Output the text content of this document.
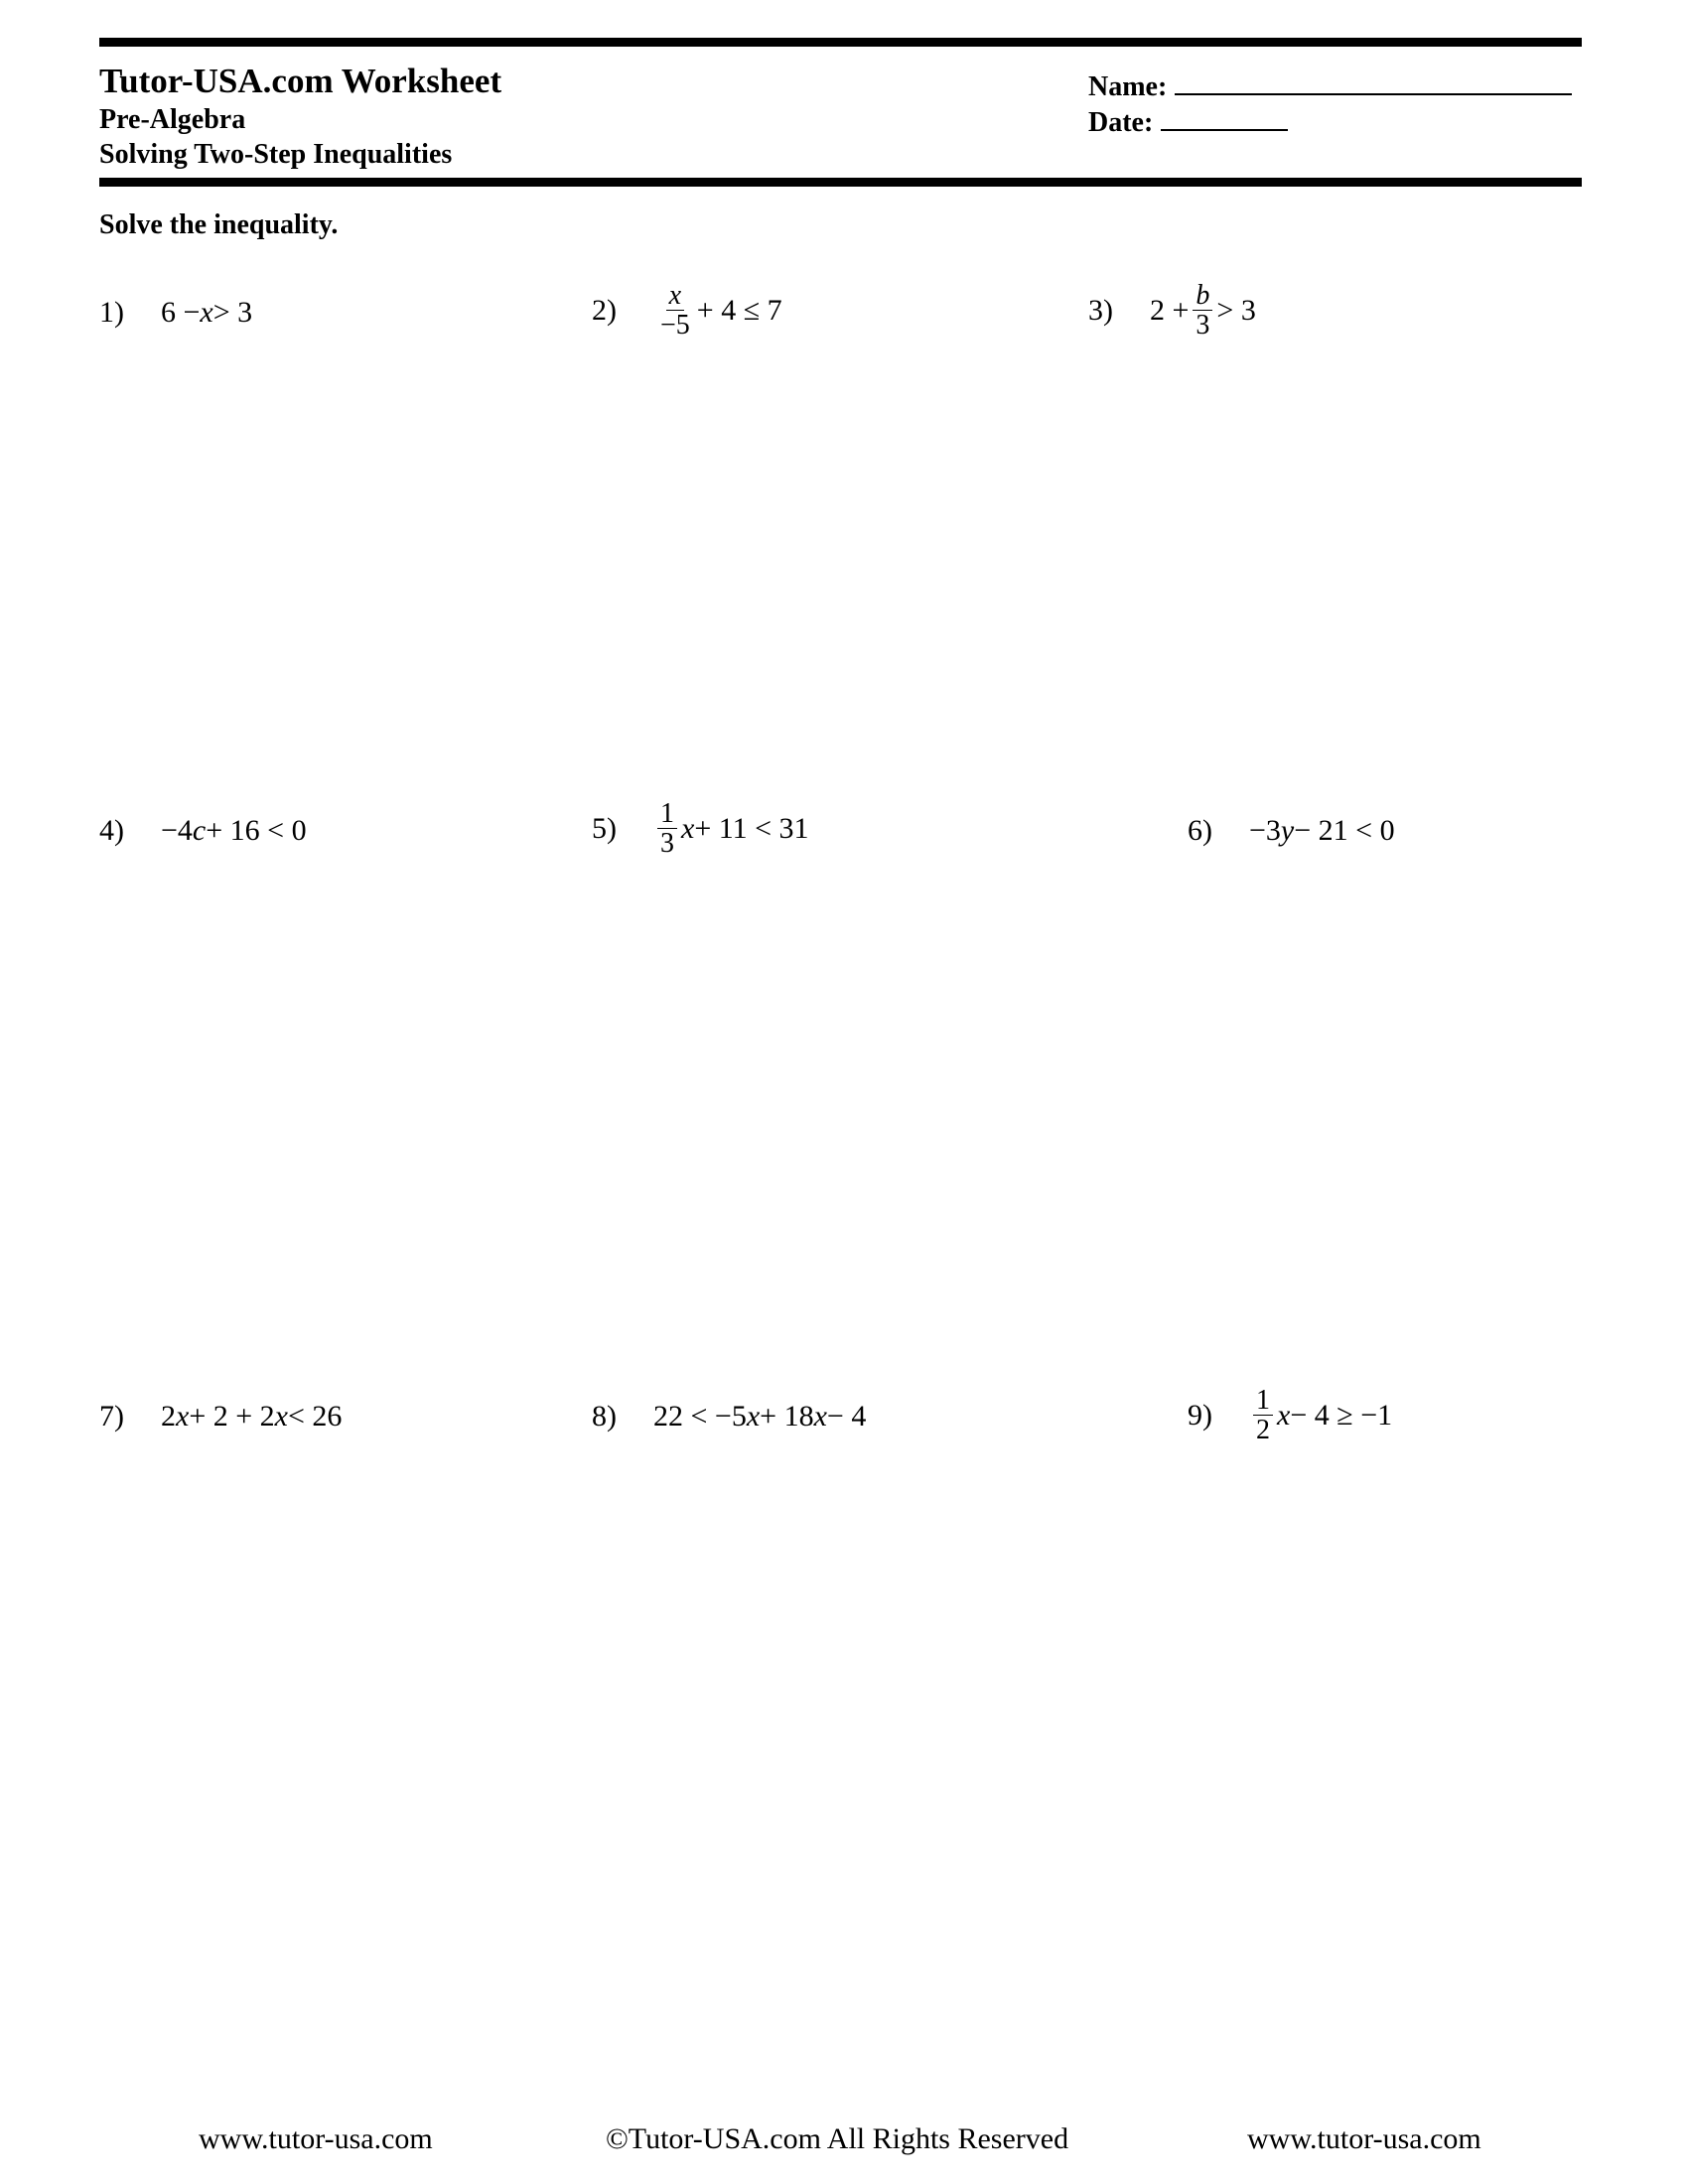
Tutor-USA.com Worksheet
Pre-Algebra
Solving Two-Step Inequalities
Name:
Date:
Solve the inequality.
1)	6 − x > 3	2)	$\frac{x}{-5} + 4 \le 7$	3)	$2 + \frac{b}{3} > 3$
4)	−4 c + 16 < 0	5)	$\frac{1}{3}$ x + 11 < 31	6)	−3 y − 21 < 0
7)	2 x + 2 + 2 x < 26	8)	22 < −5 x + 18 x − 4	9)	$\frac{1}{2}$ x − 4 ≥ −1
www.tutor-usa.com	©Tutor-USA.com All Rights Reserved	www.tutor-usa.com
